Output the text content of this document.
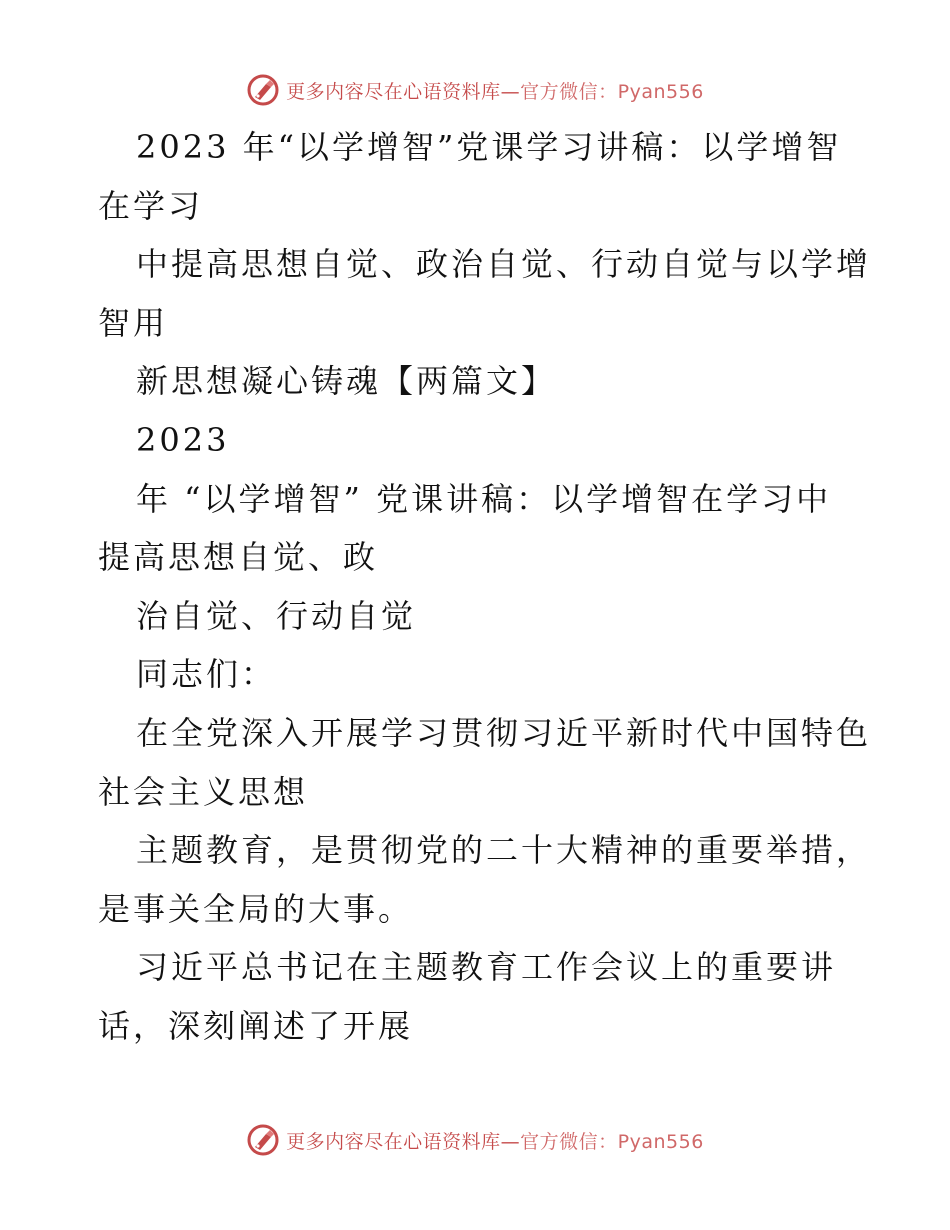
更多内容尽在心语资料库—官方微信：Pyan556
2023 年“以学增智”党课学习讲稿：以学增智
在学习
中提高思想自觉、政治自觉、行动自觉与以学增
智用
新思想凝心铸魂【两篇文】
2023
年 “以学增智” 党课讲稿：以学增智在学习中
提高思想自觉、政
治自觉、行动自觉
同志们：
在全党深入开展学习贯彻习近平新时代中国特色
社会主义思想
主题教育，是贯彻党的二十大精神的重要举措，
是事关全局的大事。
习近平总书记在主题教育工作会议上的重要讲
话，深刻阐述了开展
更多内容尽在心语资料库—官方微信：Pyan556
